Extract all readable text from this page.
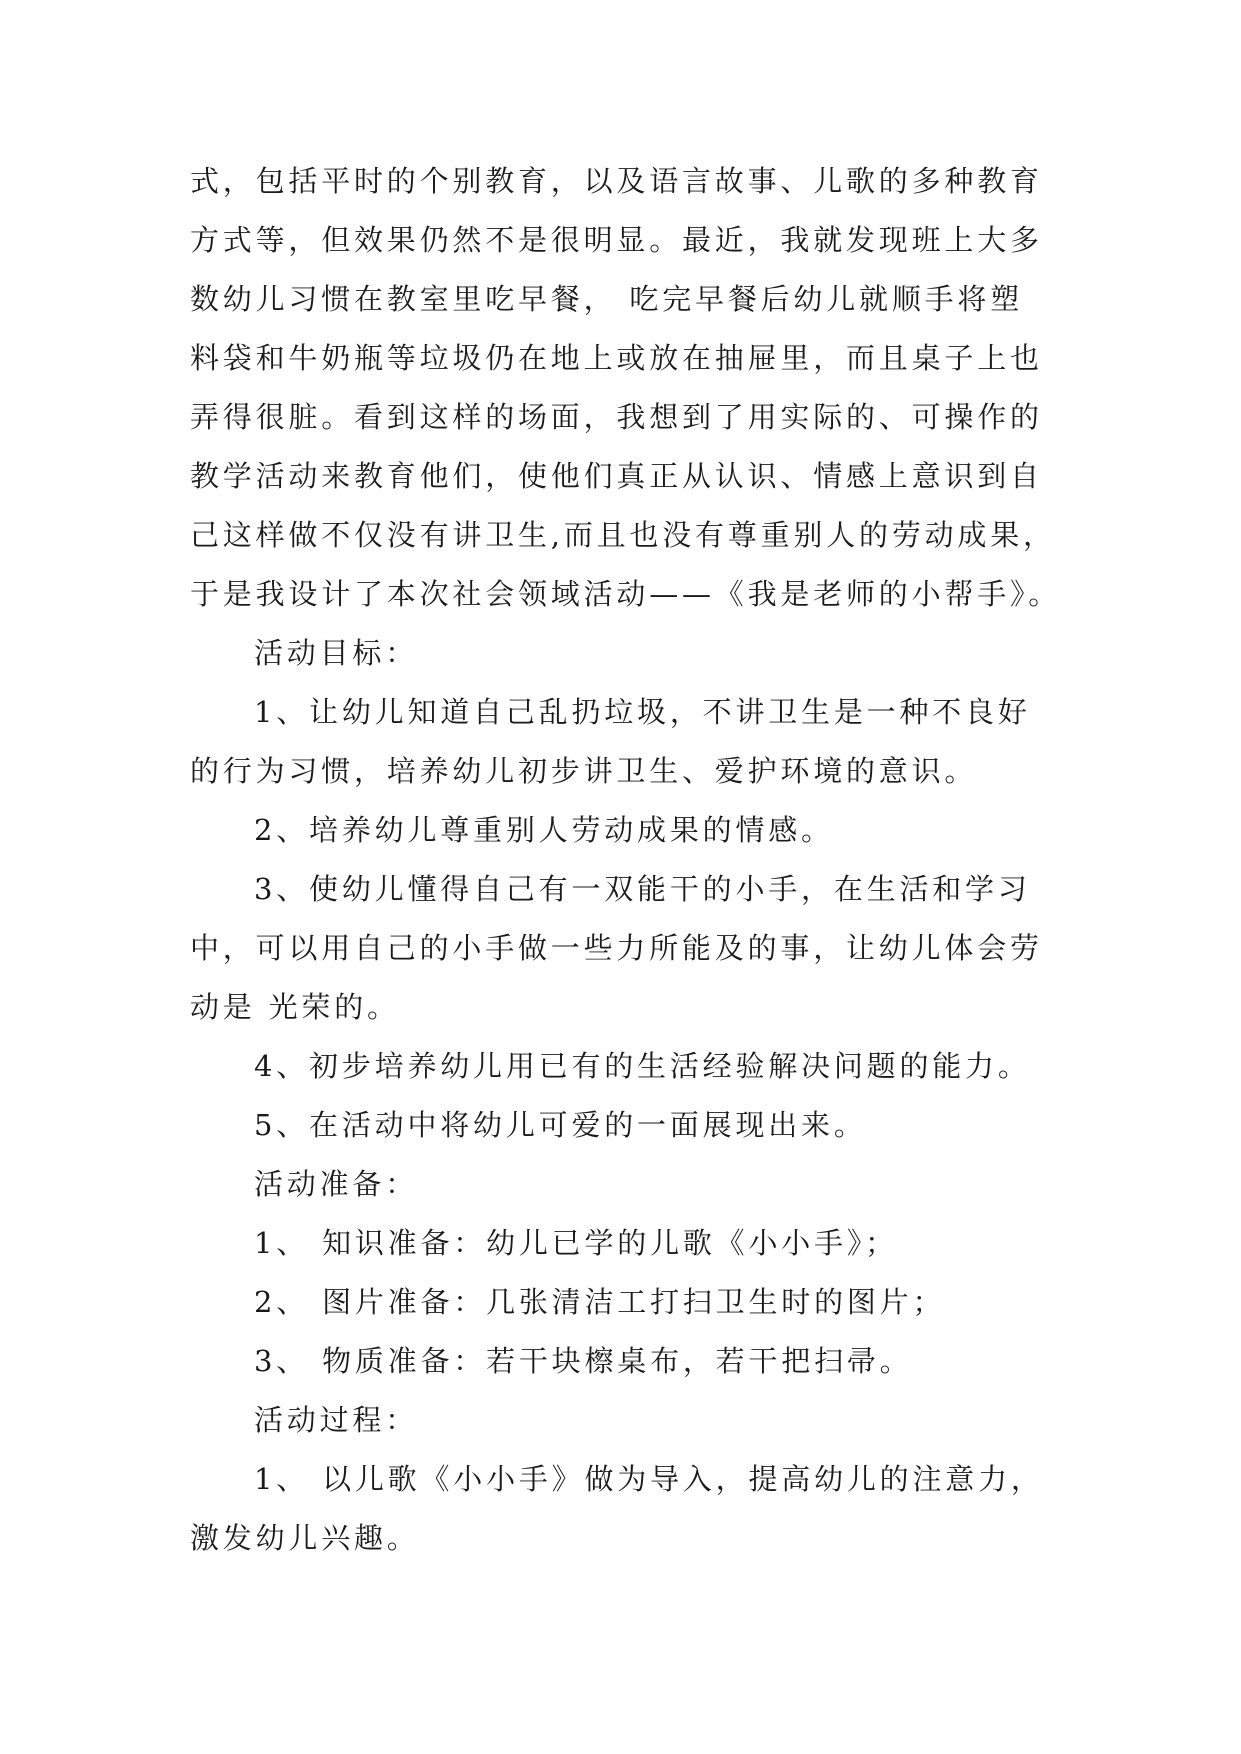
式，包括平时的个别教育，以及语言故事、儿歌的多种教育
方式等，但效果仍然不是很明显。最近，我就发现班上大多
数幼儿习惯在教室里吃早餐， 吃完早餐后幼儿就顺手将塑
料袋和牛奶瓶等垃圾仍在地上或放在抽屉里，而且桌子上也
弄得很脏。看到这样的场面，我想到了用实际的、可操作的
教学活动来教育他们，使他们真正从认识、情感上意识到自
己这样做不仅没有讲卫生,而且也没有尊重别人的劳动成果，
于是我设计了本次社会领域活动——《我是老师的小帮手》。
活动目标：
1、让幼儿知道自己乱扔垃圾，不讲卫生是一种不良好
的行为习惯，培养幼儿初步讲卫生、爱护环境的意识。
2、培养幼儿尊重别人劳动成果的情感。
3、使幼儿懂得自己有一双能干的小手，在生活和学习
中，可以用自己的小手做一些力所能及的事，让幼儿体会劳
动是 光荣的。
4、初步培养幼儿用已有的生活经验解决问题的能力。
5、在活动中将幼儿可爱的一面展现出来。
活动准备：
1、 知识准备：幼儿已学的儿歌《小小手》；
2、 图片准备：几张清洁工打扫卫生时的图片；
3、 物质准备：若干块檫桌布，若干把扫帚。
活动过程：
1、 以儿歌《小小手》做为导入，提高幼儿的注意力，
激发幼儿兴趣。
